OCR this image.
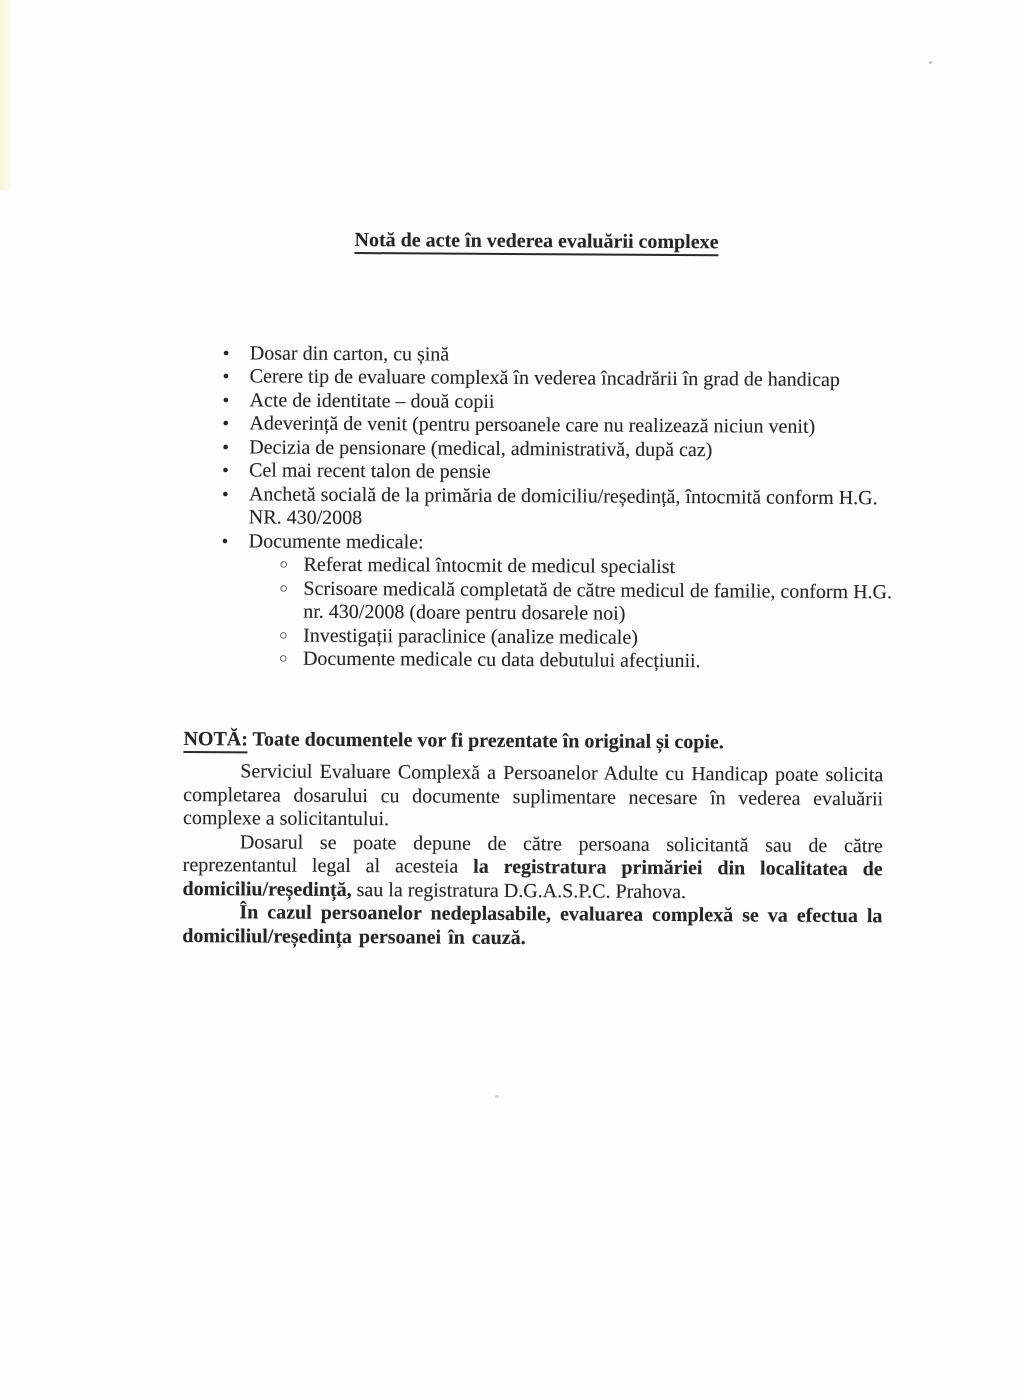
Notă de acte în vederea evaluării complexe
•	Dosar din carton, cu șină
•	Cerere tip de evaluare complexă în vederea încadrării în grad de handicap
•	Acte de identitate – două copii
•	Adeverință de venit (pentru persoanele care nu realizează niciun venit)
•	Decizia de pensionare (medical, administrativă, după caz)
•	Cel mai recent talon de pensie
•	Anchetă socială de la primăria de domiciliu/reședință, întocmită conform H.G. NR. 430/2008
•	Documente medicale:
○ Referat medical întocmit de medicul specialist
○ Scrisoare medicală completată de către medicul de familie, conform H.G. nr. 430/2008 (doare pentru dosarele noi)
○ Investigații paraclinice (analize medicale)
○ Documente medicale cu data debutului afecțiunii.
NOTĂ: Toate documentele vor fi prezentate în original și copie.

Serviciul Evaluare Complexă a Persoanelor Adulte cu Handicap poate solicita completarea dosarului cu documente suplimentare necesare în vederea evaluării complexe a solicitantului.

Dosarul se poate depune de către persoana solicitantă sau de către reprezentantul legal al acesteia la registratura primăriei din localitatea de domiciliu/reședință, sau la registratura D.G.A.S.P.C. Prahova.

În cazul persoanelor nedeplasabile, evaluarea complexă se va efectua la domiciliul/reședința persoanei în cauză.
